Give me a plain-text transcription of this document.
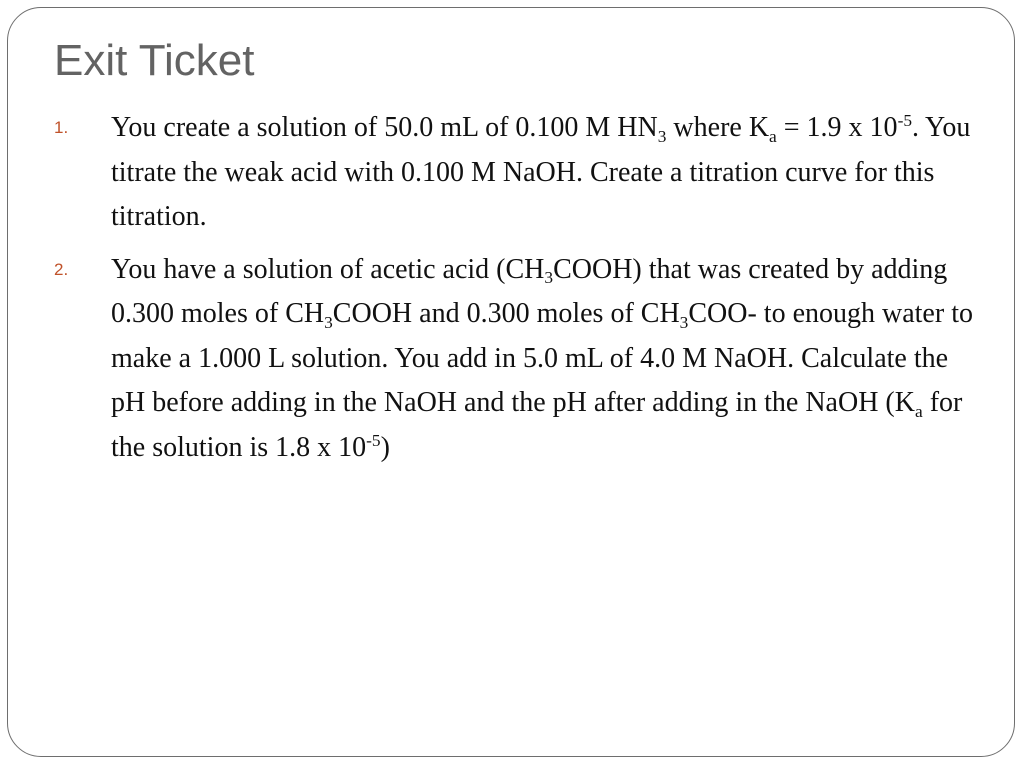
Exit Ticket
1. You create a solution of 50.0 mL of 0.100 M $HN_3$ where $K_a = 1.9$ x $10^{-5}$. You titrate the weak acid with 0.100 M NaOH. Create a titration curve for this titration.
2. You have a solution of acetic acid $(CH_3COOH)$ that was created by adding 0.300 moles of $CH_3COOH$ and 0.300 moles of $CH_3COO-$ to enough water to make a 1.000 L solution. You add in 5.0 mL of 4.0 M NaOH. Calculate the pH before adding in the NaOH and the pH after adding in the NaOH ($K_a$ for the solution is 1.8 x $10^{-5}$)
